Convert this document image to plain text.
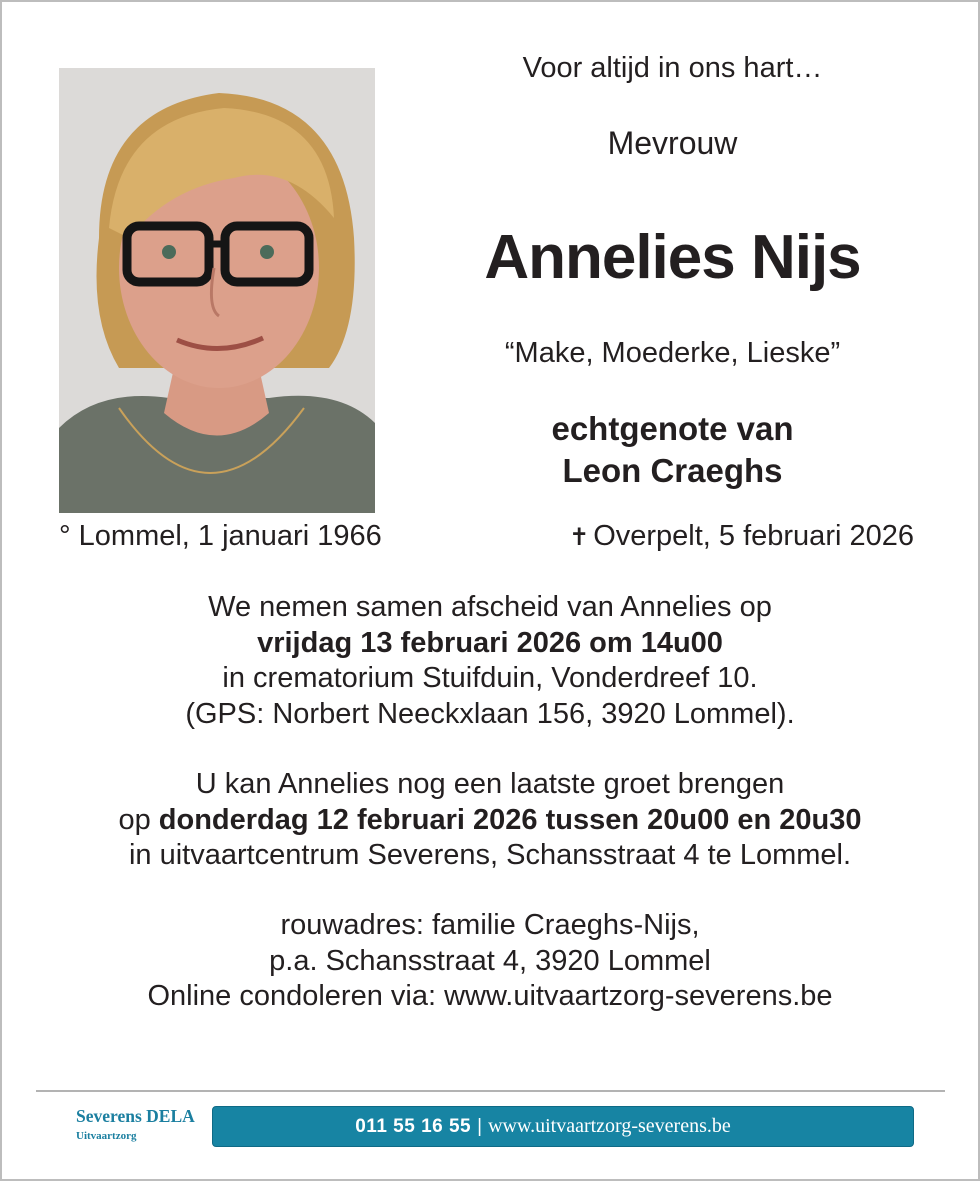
Voor altijd in ons hart…
Mevrouw
Annelies Nijs
“Make, Moederke, Lieske”
echtgenote van
Leon Craeghs
° Lommel, 1 januari 1966	✝ Overpelt, 5 februari 2026
We nemen samen afscheid van Annelies op
vrijdag 13 februari 2026 om 14u00
in crematorium Stuifduin, Vonderdreef 10.
(GPS: Norbert Neeckxlaan 156, 3920 Lommel).
U kan Annelies nog een laatste groet brengen
op donderdag 12 februari 2026 tussen 20u00 en 20u30
in uitvaartcentrum Severens, Schansstraat 4 te Lommel.
rouwadres: familie Craeghs-Nijs,
p.a. Schansstraat 4, 3920 Lommel
Online condoleren via: www.uitvaartzorg-severens.be
Severens DELA
Uitvaartzorg	011 55 16 55 | www.uitvaartzorg-severens.be
